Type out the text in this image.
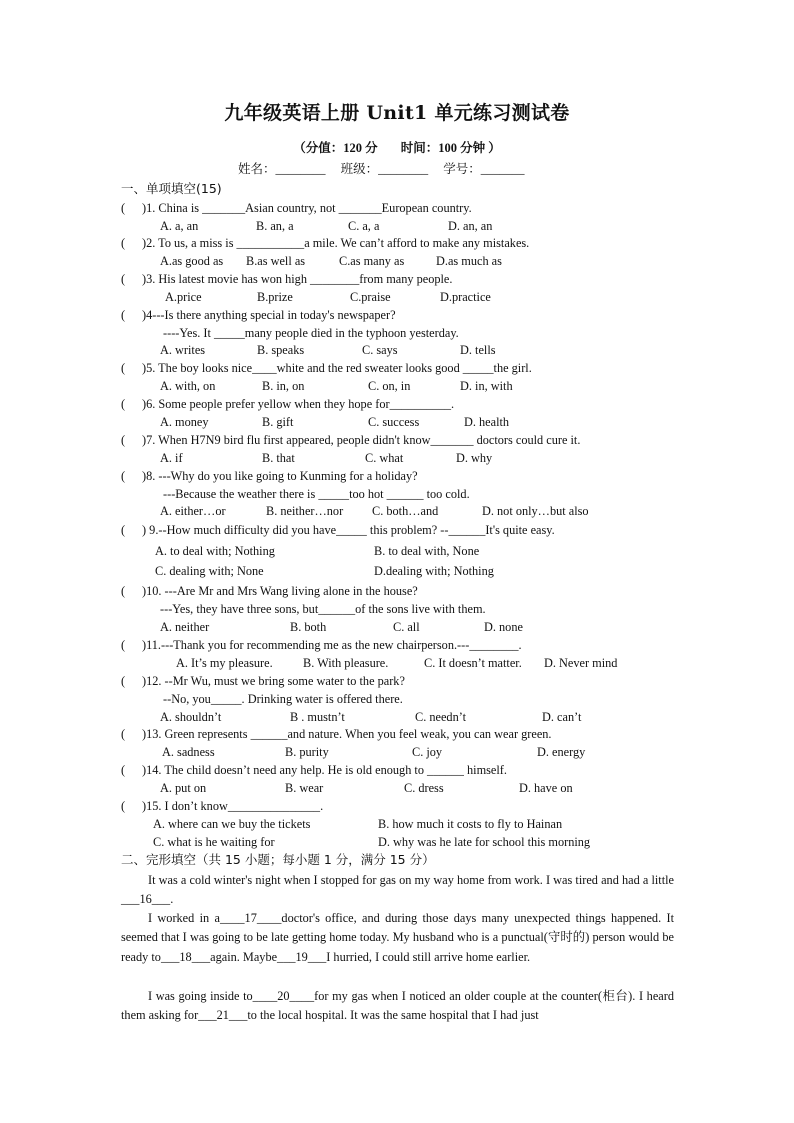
九年级英语上册 Unit1 单元练习测试卷
（分值：120 分 时间：100 分钟 ）
姓名：________ 班级：________ 学号：_______
一、单项填空(15)
( )1. China is _______Asian country, not _______European country.
A. a, an	B. an, a	C. a, a	D. an, an
( )2. To us, a miss is ___________a mile. We can’t afford to make any mistakes.
A.as good as B.as well as	C.as many as	D.as much as
( )3. His latest movie has won high ________from many people.
A.price	B.prize	C.praise	D.practice
( )4---Is there anything special in today's newspaper?
----Yes. It _____many people died in the typhoon yesterday.
A. writes	B. speaks	C. says	D. tells
( )5. The boy looks nice____white and the red sweater looks good _____the girl.
A. with, on	B. in, on	C. on, in	D. in, with
( )6. Some people prefer yellow when they hope for__________.
A. money	B. gift	C. success	D. health
( )7. When H7N9 bird flu first appeared, people didn't know_______ doctors could cure it.
A. if	B. that	C. what	D. why
( )8. ---Why do you like going to Kunming for a holiday?
---Because the weather there is _____too hot ______ too cold.
A. either…or	B. neither…nor C. both…and	D. not only…but also
( ) 9.--How much difficulty did you have_____ this problem? --______It's quite easy.
A. to deal with; Nothing	B. to deal with, None
C. dealing with; None	D.dealing with; Nothing
( )10. ---Are Mr and Mrs Wang living alone in the house?
---Yes, they have three sons, but______of the sons live with them.
A. neither	B. both	C. all	D. none
( )11.---Thank you for recommending me as the new chairperson.---________.
A. It’s my pleasure. B. With pleasure.	C. It doesn’t matter. D. Never mind
( )12. --Mr Wu, must we bring some water to the park?
--No, you_____. Drinking water is offered there.
A. shouldn’t	B . mustn’t	C. needn’t	D. can’t
( )13. Green represents ______and nature. When you feel weak, you can wear green.
A. sadness	B. purity	C. joy	D. energy
( )14. The child doesn’t need any help. He is old enough to ______ himself.
A. put on	B. wear	C. dress	D. have on
( )15. I don’t know_______________.
A. where can we buy the tickets	B. how much it costs to fly to Hainan
C. what is he waiting for	D. why was he late for school this morning
二、完形填空（共 15 小题；每小题 1 分，满分 15 分）
It was a cold winter's night when I stopped for gas on my way home from work. I was tired and had a little ___16___.
I worked in a____17____doctor's office, and during those days many unexpected things happened. It seemed that I was going to be late getting home today. My husband who is a punctual(守时的) person would be ready to___18___again. Maybe___19___I hurried, I could still arrive home earlier.
I was going inside to____20____for my gas when I noticed an older couple at the counter(柜台). I heard them asking for___21___to the local hospital. It was the same hospital that I had just
